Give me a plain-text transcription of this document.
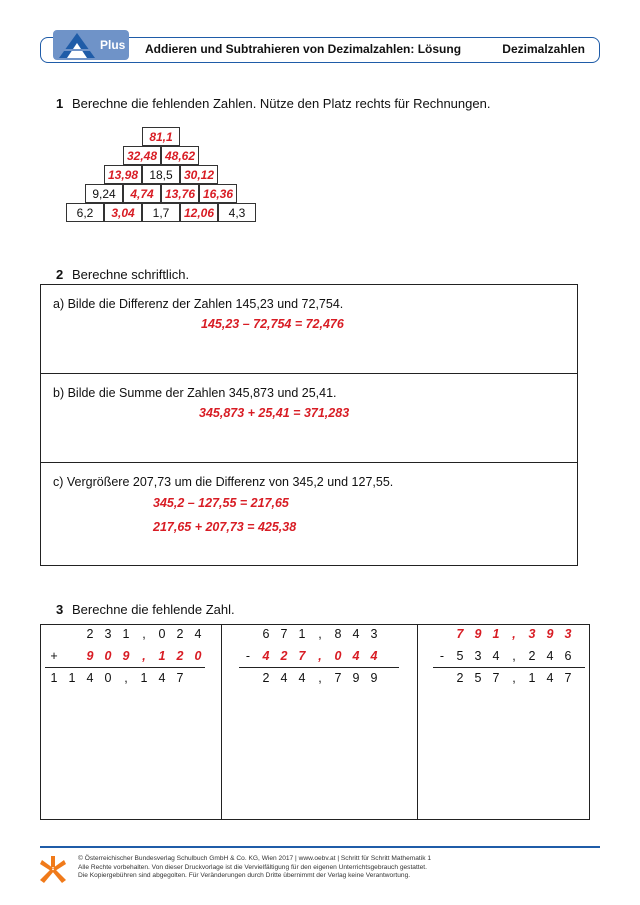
Plus Addieren und Subtrahieren von Dezimalzahlen: Lösung	Dezimalzahlen
1 Berechne die fehlenden Zahlen. Nütze den Platz rechts für Rechnungen.
81,1
32,48 48,62
13,98 18,5 30,12
9,24	4,74 13,76 16,36
6,2	3,04	1,7	12,06	4,3
2 Berechne schriftlich.
a) Bilde die Differenz der Zahlen 145,23 und 72,754.
145,23 – 72,754 = 72,476
b) Bilde die Summe der Zahlen 345,873 und 25,41.
345,873 + 25,41 = 371,283
c) Vergrößere 207,73 um die Differenz von 345,2 und 127,55.
345,2 – 127,55 = 217,65
217,65 + 207,73 = 425,38
3 Berechne die fehlende Zahl.
2 3 1 , 0 2 4
+ 9 0 9 , 1 2 0
1 1 4 0 , 1 4 7
6 7 1 , 8 4 3
- 4 2 7 , 0 4 4
2 4 4 , 7 9 9
7 9 1 , 3 9 3
- 5 3 4 , 2 4 6
2 5 7 , 1 4 7
© Österreichischer Bundesverlag Schulbuch GmbH & Co. KG, Wien 2017 | www.oebv.at | Schritt für Schritt Mathematik 1
Alle Rechte vorbehalten. Von dieser Druckvorlage ist die Vervielfältigung für den eigenen Unterrichtsgebrauch gestattet.
Die Kopiergebühren sind abgegolten. Für Veränderungen durch Dritte übernimmt der Verlag keine Verantwortung.
